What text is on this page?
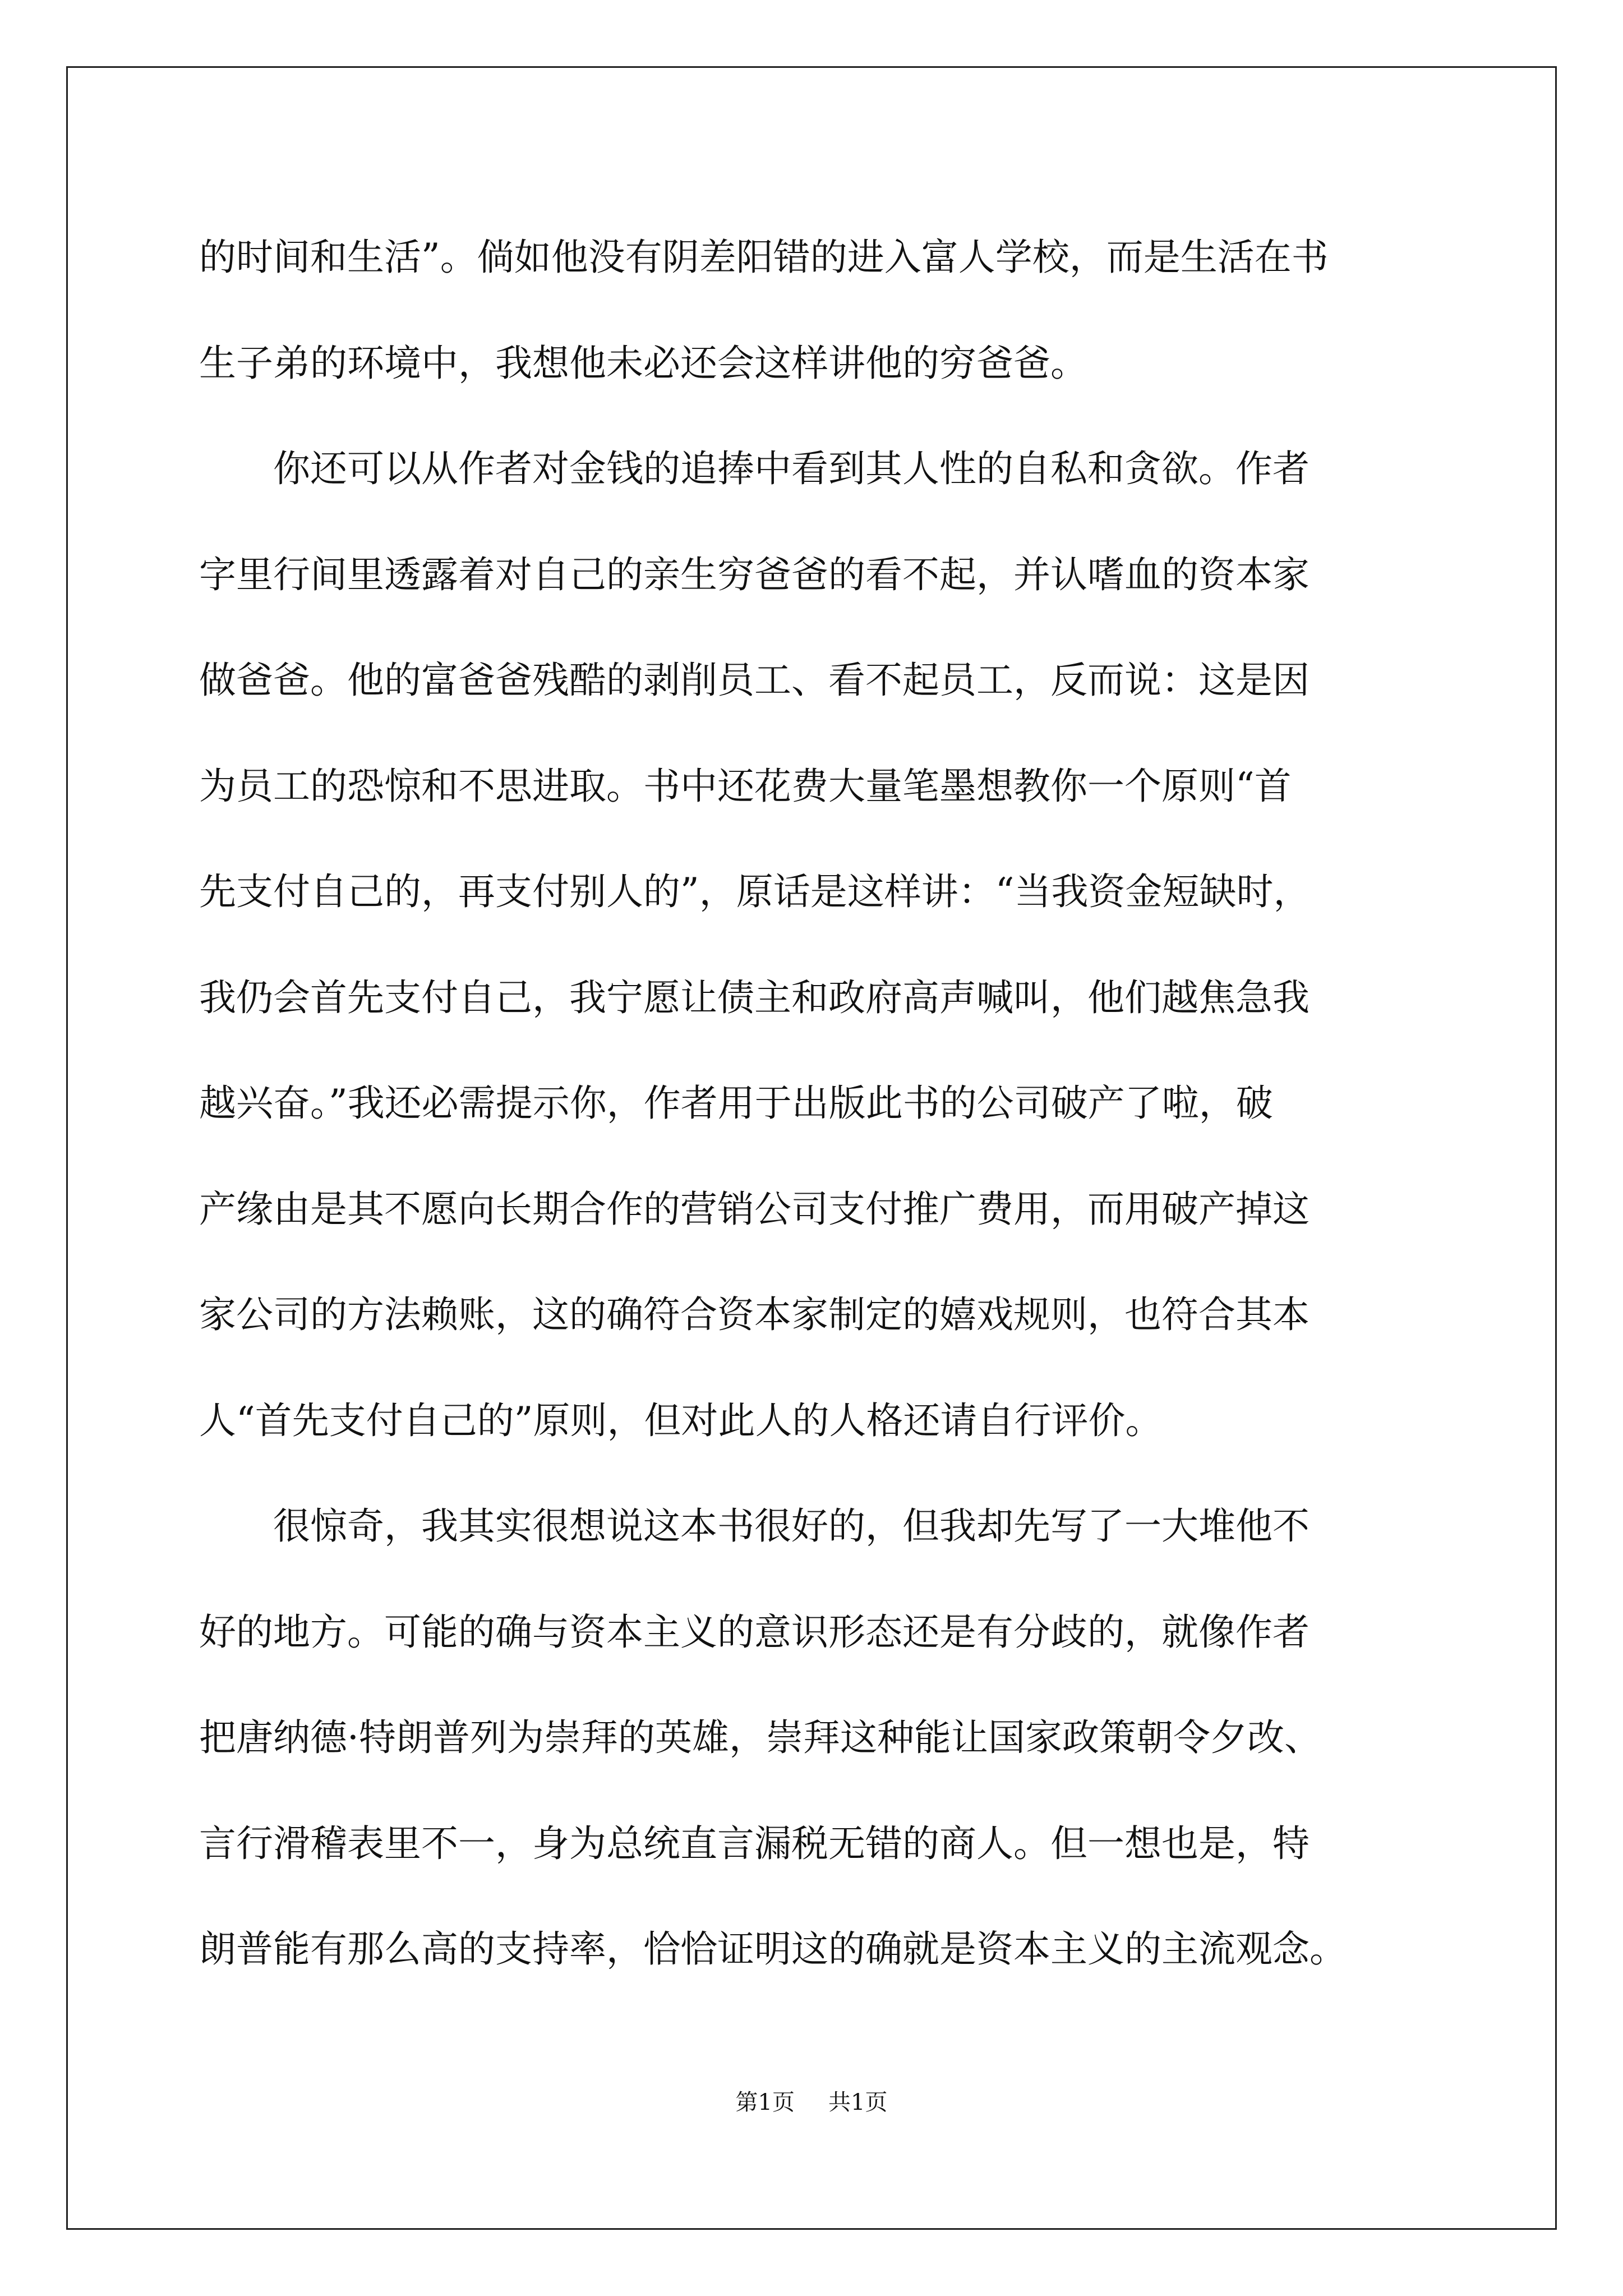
的时间和生活”。倘如他没有阴差阳错的进入富人学校，而是生活在书

生子弟的环境中，我想他未必还会这样讲他的穷爸爸。

你还可以从作者对金钱的追捧中看到其人性的自私和贪欲。作者

字里行间里透露着对自己的亲生穷爸爸的看不起，并认嗜血的资本家

做爸爸。他的富爸爸残酷的剥削员工、看不起员工，反而说：这是因

为员工的恐惊和不思进取。书中还花费大量笔墨想教你一个原则“首

先支付自己的，再支付别人的”，原话是这样讲：“当我资金短缺时，

我仍会首先支付自己，我宁愿让债主和政府高声喊叫，他们越焦急我

越兴奋。”我还必需提示你，作者用于出版此书的公司破产了啦，破

产缘由是其不愿向长期合作的营销公司支付推广费用，而用破产掉这

家公司的方法赖账，这的确符合资本家制定的嬉戏规则，也符合其本

人“首先支付自己的”原则，但对此人的人格还请自行评价。

很惊奇，我其实很想说这本书很好的，但我却先写了一大堆他不

好的地方。可能的确与资本主义的意识形态还是有分歧的，就像作者

把唐纳德·特朗普列为崇拜的英雄，崇拜这种能让国家政策朝令夕改、

言行滑稽表里不一，身为总统直言漏税无错的商人。但一想也是，特

朗普能有那么高的支持率，恰恰证明这的确就是资本主义的主流观念。

第1页 共1页
